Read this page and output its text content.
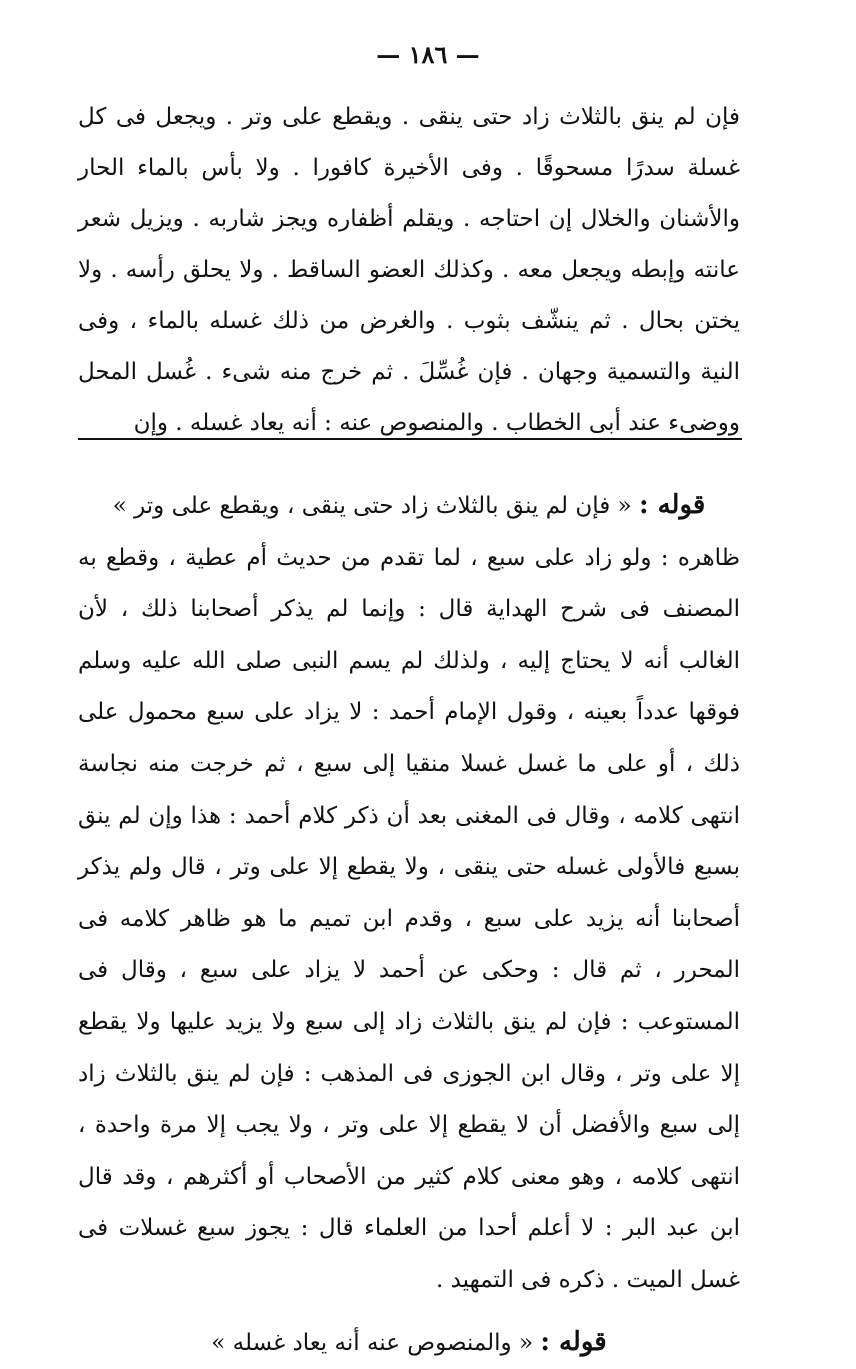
— ١٨٦ —
فإن لم ينق بالثلاث زاد حتى ينقى . ويقطع على وتر . ويجعل فى كل غسلة سدرًا مسحوقًا . وفى الأخيرة كافورا . ولا بأس بالماء الحار والأشنان والخلال إن احتاجه . ويقلم أظفاره ويجز شاربه . ويزيل شعر عانته وإبطه ويجعل معه . وكذلك العضو الساقط . ولا يحلق رأسه . ولا يختن بحال . ثم ينشّف بثوب . والغرض من ذلك غسله بالماء ، وفى النية والتسمية وجهان . فإن غُسِّلَ . ثم خرج منه شىء . غُسل المحل ووضىء عند أبى الخطاب . والمنصوص عنه : أنه يعاد غسله . وإن

قوله : « فإن لم ينق بالثلاث زاد حتى ينقى ، ويقطع على وتر »

ظاهره : ولو زاد على سبع ، لما تقدم من حديث أم عطية ، وقطع به المصنف فى شرح الهداية قال : وإنما لم يذكر أصحابنا ذلك ، لأن الغالب أنه لا يحتاج إليه ، ولذلك لم يسم النبى صلى الله عليه وسلم فوقها عدداً بعينه ، وقول الإمام أحمد : لا يزاد على سبع محمول على ذلك ، أو على ما غسل غسلا منقيا إلى سبع ، ثم خرجت منه نجاسة انتهى كلامه ، وقال فى المغنى بعد أن ذكر كلام أحمد : هذا وإن لم ينق بسبع فالأولى غسله حتى ينقى ، ولا يقطع إلا على وتر ، قال ولم يذكر أصحابنا أنه يزيد على سبع ، وقدم ابن تميم ما هو ظاهر كلامه فى المحرر ، ثم قال : وحكى عن أحمد لا يزاد على سبع ، وقال فى المستوعب : فإن لم ينق بالثلاث زاد إلى سبع ولا يزيد عليها ولا يقطع إلا على وتر ، وقال ابن الجوزى فى المذهب : فإن لم ينق بالثلاث زاد إلى سبع والأفضل أن لا يقطع إلا على وتر ، ولا يجب إلا مرة واحدة ، انتهى كلامه ، وهو معنى كلام كثير من الأصحاب أو أكثرهم ، وقد قال ابن عبد البر : لا أعلم أحدا من العلماء قال : يجوز سبع غسلات فى غسل الميت . ذكره فى التمهيد .

قوله : « والمنصوص عنه أنه يعاد غسله »
